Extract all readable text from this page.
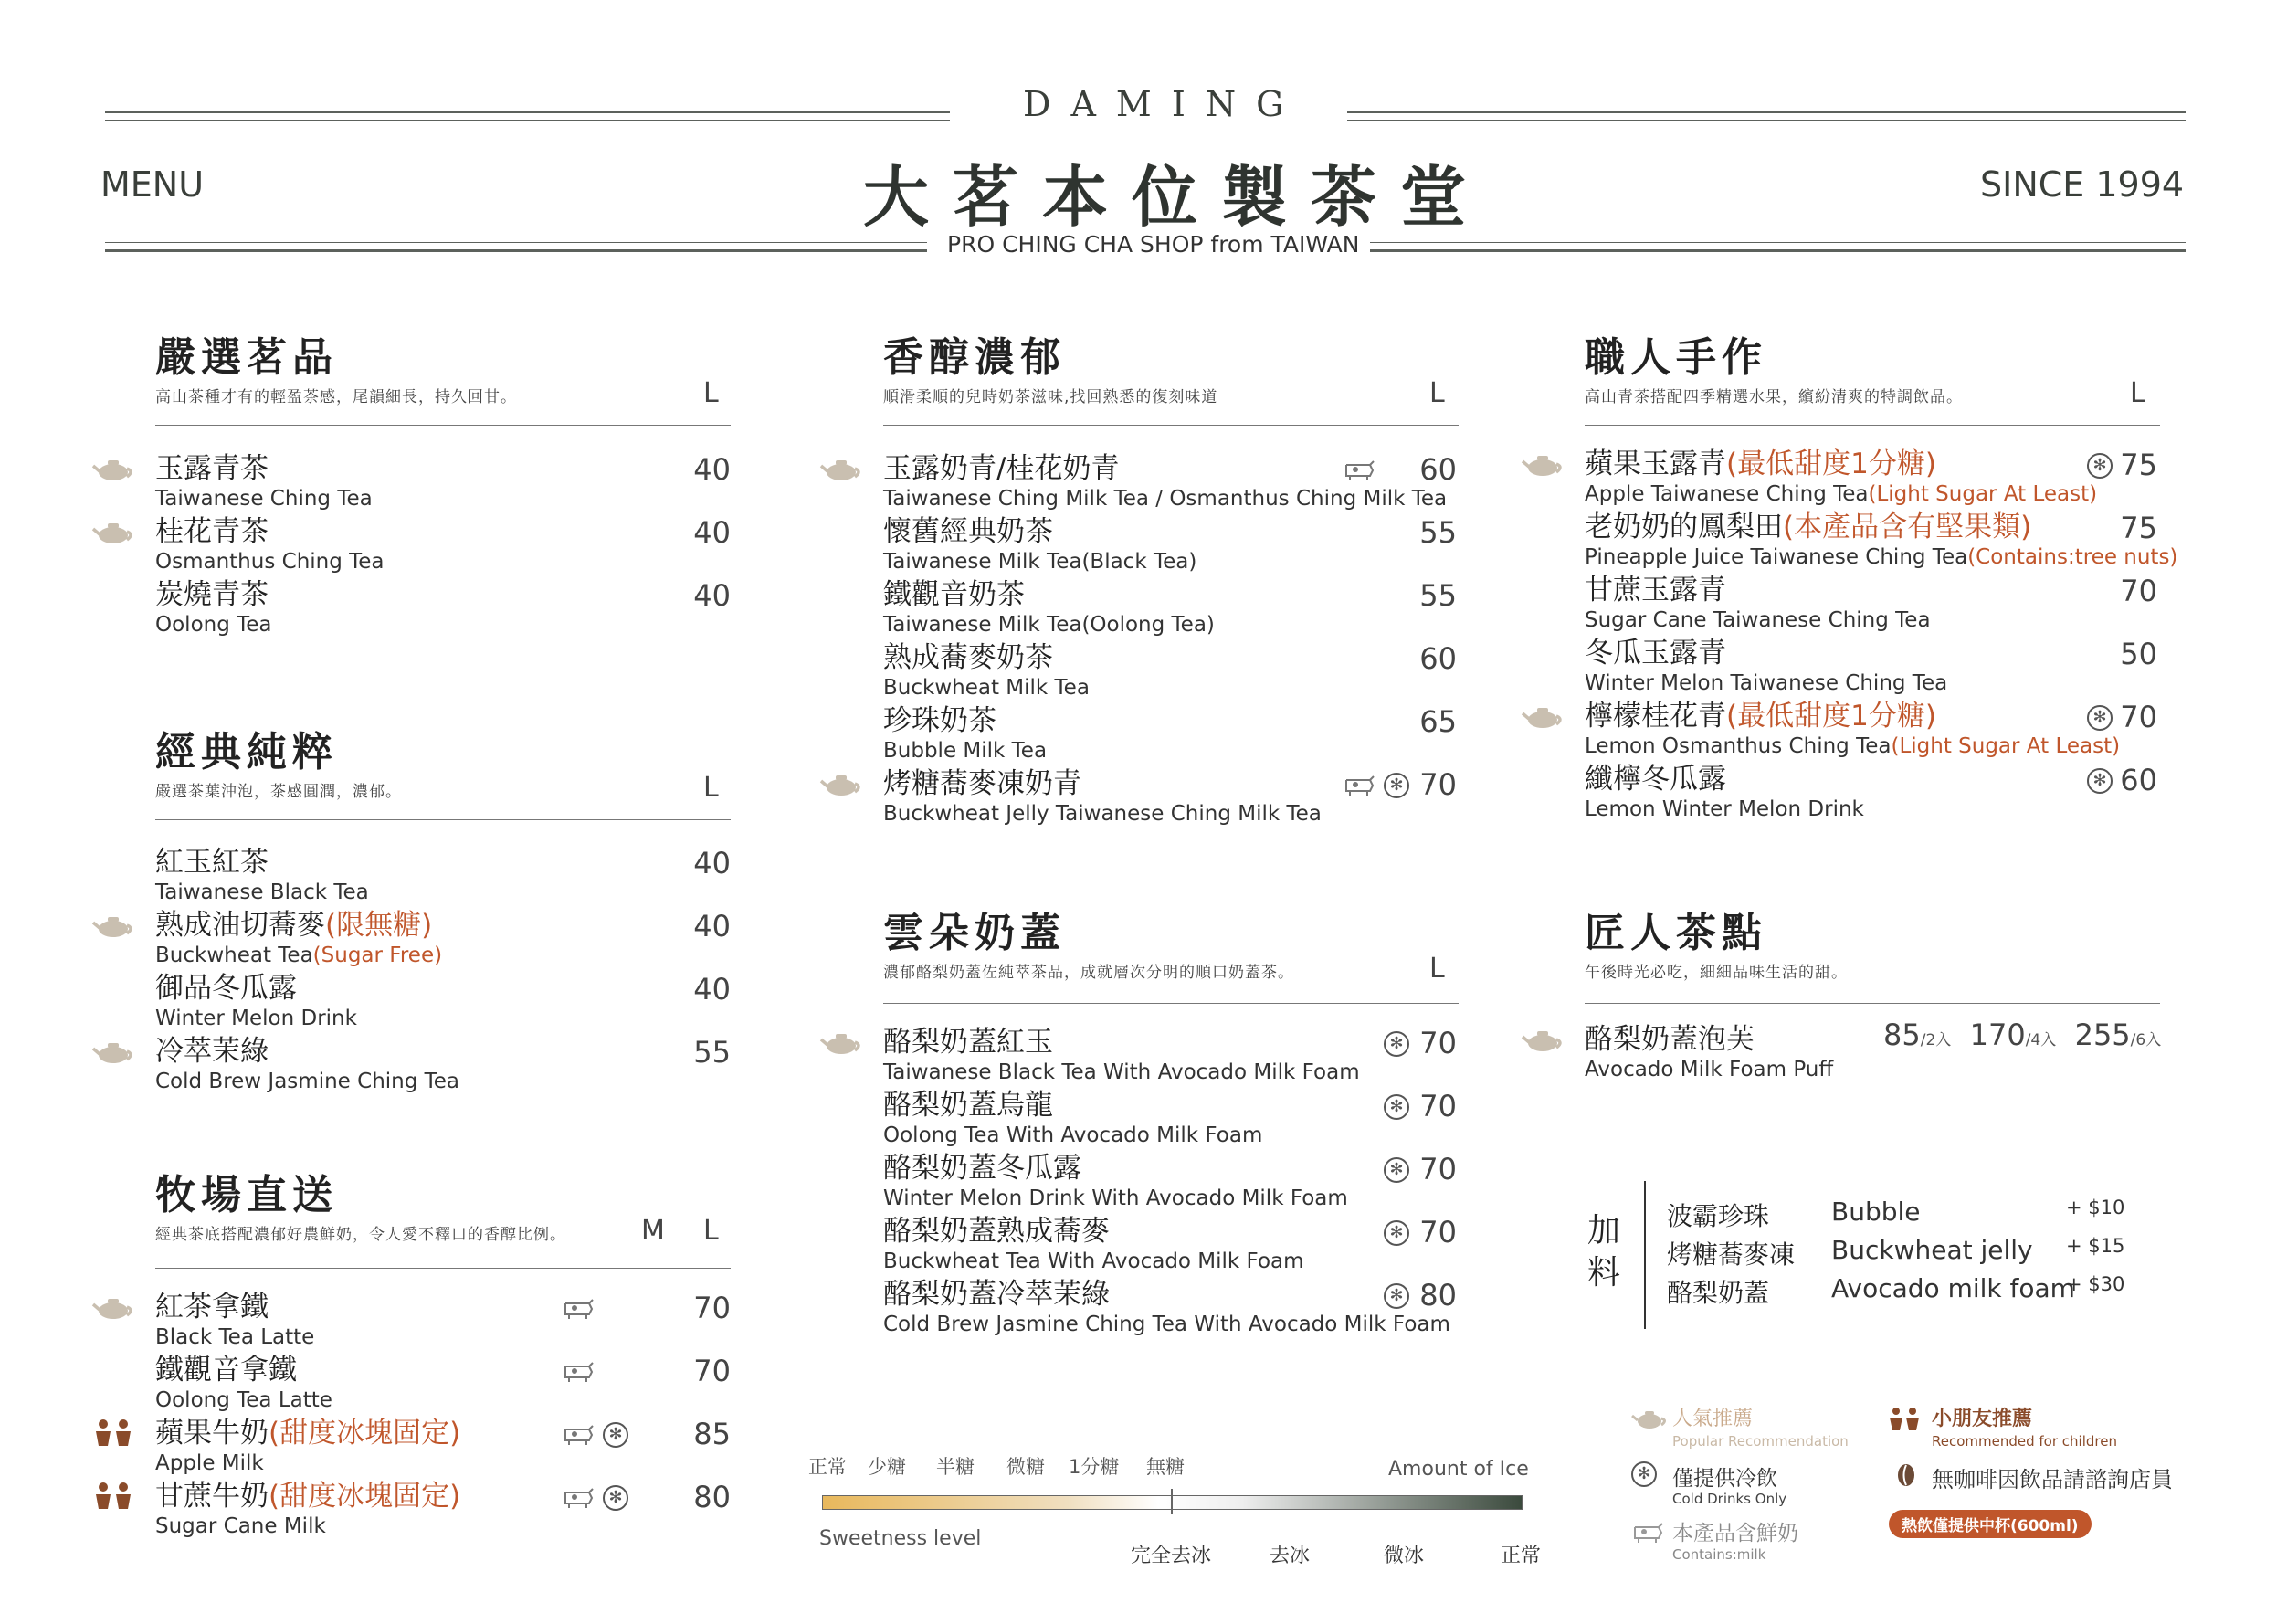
DAMING
大茗本位製茶堂
PRO CHING CHA SHOP from TAIWAN
MENU	SINCE 1994
嚴選茗品
高山茶種才有的輕盈茶感，尾韻細長，持久回甘。	L
玉露青茶
Taiwanese Ching Tea
40
桂花青茶
Osmanthus Ching Tea
40
炭燒青茶
Oolong Tea
40
經典純粹
嚴選茶葉沖泡，茶感圓潤，濃郁。	L
紅玉紅茶
Taiwanese Black Tea
40
熟成油切蕎麥(限無糖)
Buckwheat Tea(Sugar Free)
40
御品冬瓜露
Winter Melon Drink
40
冷萃茉綠
Cold Brew Jasmine Ching Tea
55
牧場直送
經典茶底搭配濃郁好農鮮奶，令人愛不釋口的香醇比例。	L
M
紅茶拿鐵
Black Tea Latte
70
鐵觀音拿鐵
Oolong Tea Latte
70
蘋果牛奶(甜度冰塊固定)
Apple Milk
85
✻
甘蔗牛奶(甜度冰塊固定)
Sugar Cane Milk
80
✻
香醇濃郁
順滑柔順的兒時奶茶滋味,找回熟悉的復刻味道	L
玉露奶青/桂花奶青
Taiwanese Ching Milk Tea / Osmanthus Ching Milk Tea
60
懷舊經典奶茶
Taiwanese Milk Tea(Black Tea)
55
鐵觀音奶茶
Taiwanese Milk Tea(Oolong Tea)
55
熟成蕎麥奶茶
Buckwheat Milk Tea
60
珍珠奶茶
Bubble Milk Tea
65
烤糖蕎麥凍奶青
Buckwheat Jelly Taiwanese Ching Milk Tea
70
✻
雲朵奶蓋
濃郁酪梨奶蓋佐純萃茶品，成就層次分明的順口奶蓋茶。	L
酪梨奶蓋紅玉
Taiwanese Black Tea With Avocado Milk Foam
70
✻
酪梨奶蓋烏龍
Oolong Tea With Avocado Milk Foam
70
✻
酪梨奶蓋冬瓜露
Winter Melon Drink With Avocado Milk Foam
70
✻
酪梨奶蓋熟成蕎麥
Buckwheat Tea With Avocado Milk Foam
70
✻
酪梨奶蓋冷萃茉綠
Cold Brew Jasmine Ching Tea With Avocado Milk Foam
80
✻
職人手作
高山青茶搭配四季精選水果，繽紛清爽的特調飲品。	L
蘋果玉露青(最低甜度1分糖)
Apple Taiwanese Ching Tea(Light Sugar At Least)
75
✻
老奶奶的鳳梨田(本產品含有堅果類)
Pineapple Juice Taiwanese Ching Tea(Contains:tree nuts)
75
甘蔗玉露青
Sugar Cane Taiwanese Ching Tea
70
冬瓜玉露青
Winter Melon Taiwanese Ching Tea
50
檸檬桂花青(最低甜度1分糖)
Lemon Osmanthus Ching Tea(Light Sugar At Least)
70
✻
纖檸冬瓜露
Lemon Winter Melon Drink
60
✻
匠人茶點
午後時光必吃，細細品味生活的甜。
酪梨奶蓋泡芙
Avocado Milk Foam Puff
85/2入 170/4入 255/6入
加料
波霸珍珠 Bubble	+ $10
烤糖蕎麥凍 Buckwheat jelly + $15
酪梨奶蓋 Avocado milk foam
+ $30
正常 少糖 半糖 微糖 1分糖 無糖
Sweetness level
Amount of Ice
完全去冰	去冰	微冰	正常
人氣推薦
Popular Recommendation
小朋友推薦
Recommended for children
✻ 僅提供冷飲
Cold Drinks Only
無咖啡因飲品請諮詢店員
本產品含鮮奶
Contains:milk
熱飲僅提供中杯(600ml)
